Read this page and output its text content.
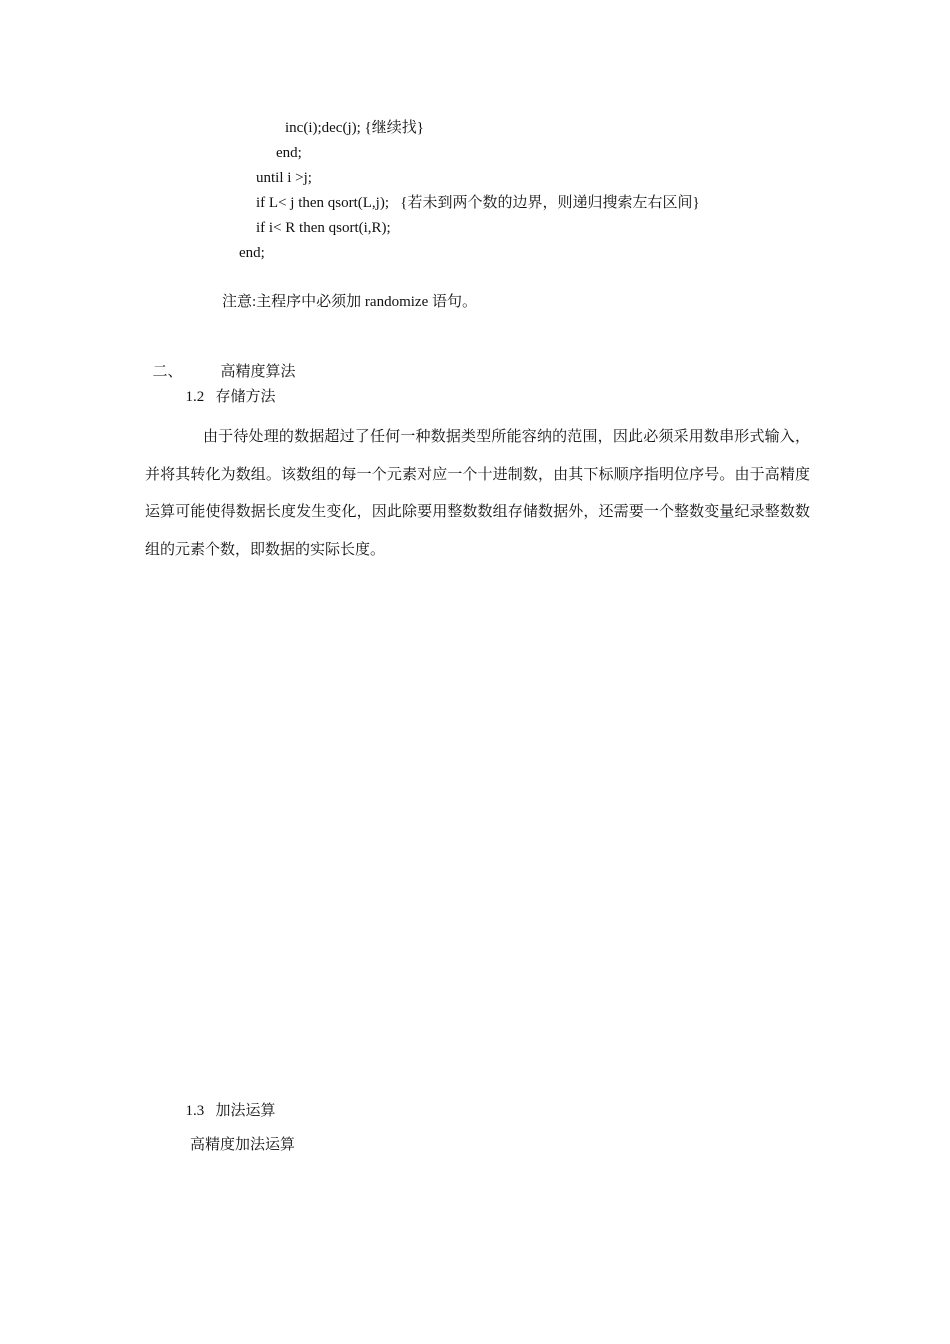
inc(i);dec(j); {继续找}
end;
until i >j;
if L< j then qsort(L,j);   {若未到两个数的边界，则递归搜索左右区间}
if i< R then qsort(i,R);
end;
注意:主程序中必须加 randomize 语句。

二、	高精度算法

1.2 存储方法

由于待处理的数据超过了任何一种数据类型所能容纳的范围，因此必须采用数串形式输入，并将其转化为数组。该数组的每一个元素对应一个十进制数，由其下标顺序指明位序号。由于高精度运算可能使得数据长度发生变化，因此除要用整数数组存储数据外，还需要一个整数变量纪录整数数组的元素个数，即数据的实际长度。

1.3 加法运算

高精度加法运算
